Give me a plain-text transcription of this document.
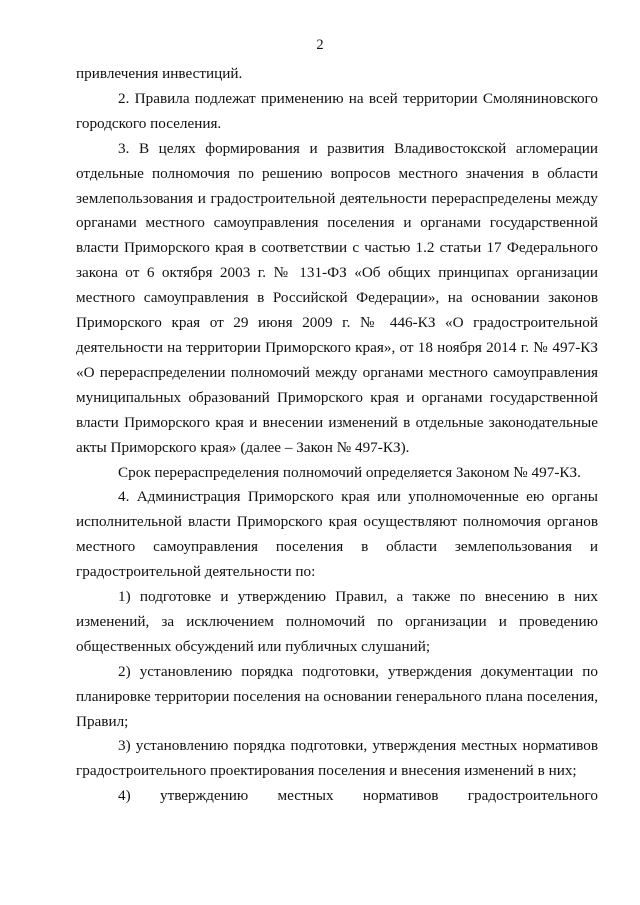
2

привлечения инвестиций.

2. Правила подлежат применению на всей территории Смоляниновского городского поселения.

3. В целях формирования и развития Владивостокской агломерации отдельные полномочия по решению вопросов местного значения в области землепользования и градостроительной деятельности перераспределены между органами местного самоуправления поселения и органами государственной власти Приморского края в соответствии с частью 1.2 статьи 17 Федерального закона от 6 октября 2003 г. № 131-ФЗ «Об общих принципах организации местного самоуправления в Российской Федерации», на основании законов Приморского края от 29 июня 2009 г. № 446-КЗ «О градостроительной деятельности на территории Приморского края», от 18 ноября 2014 г. № 497-КЗ «О перераспределении полномочий между органами местного самоуправления муниципальных образований Приморского края и органами государственной власти Приморского края и внесении изменений в отдельные законодательные акты Приморского края» (далее – Закон № 497-КЗ).

Срок перераспределения полномочий определяется Законом № 497-КЗ.

4. Администрация Приморского края или уполномоченные ею органы исполнительной власти Приморского края осуществляют полномочия органов местного самоуправления поселения в области землепользования и градостроительной деятельности по:

1) подготовке и утверждению Правил, а также по внесению в них изменений, за исключением полномочий по организации и проведению общественных обсуждений или публичных слушаний;

2) установлению порядка подготовки, утверждения документации по планировке территории поселения на основании генерального плана поселения, Правил;

3) установлению порядка подготовки, утверждения местных нормативов градостроительного проектирования поселения и внесения изменений в них;

4) утверждению местных нормативов градостроительного
